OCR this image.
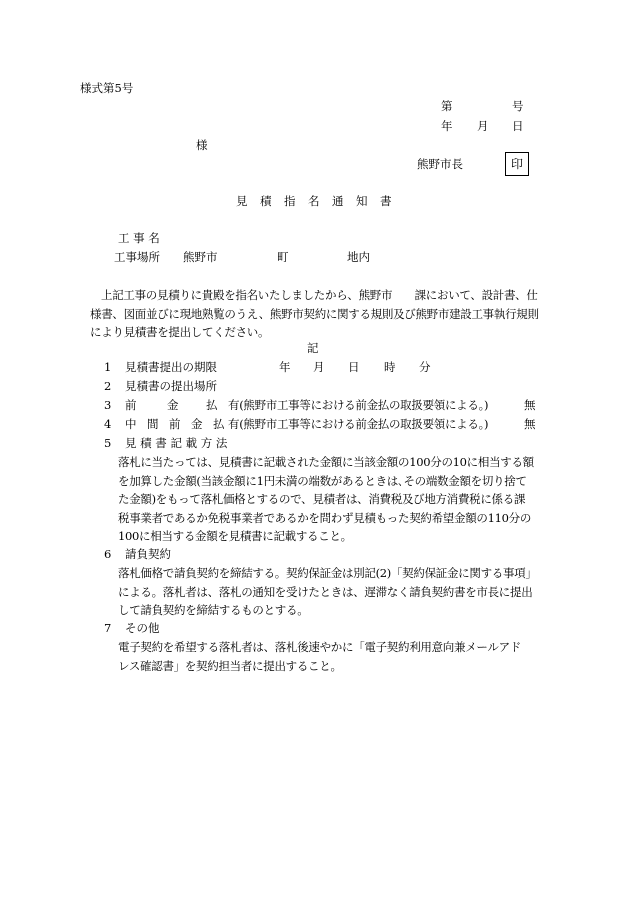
様式第5号
第	号
年 月 日
様
熊野市長	印
見 積 指 名 通 知 書
工 事 名
工事場所 熊野市	町	地内
上記工事の見積りに貴殿を指名いたしましたから、熊野市　　課において、設計書、仕
様書、図面並びに現地熟覧のうえ、熊野市契約に関する規則及び熊野市建設工事執行規則
により見積書を提出してください。
記
1 見積書提出の期限	年 月 日 時 分
2 見積書の提出場所
3 前	金 払 有(熊野市工事等における前金払の取扱要領による。)	無
4 中　間　前　金　払 有(熊野市工事等における前金払の取扱要領による。)	無
5 見 積 書 記 載 方 法
落札に当たっては、見積書に記載された金額に当該金額の100分の10に相当する額
を加算した金額(当該金額に1円未満の端数があるときは､その端数金額を切り捨て
た金額)をもって落札価格とするので、見積者は、消費税及び地方消費税に係る課
税事業者であるか免税事業者であるかを問わず見積もった契約希望金額の110分の
100に相当する金額を見積書に記載すること。
6 請負契約
落札価格で請負契約を締結する。契約保証金は別記(2)「契約保証金に関する事項」
による。落札者は、落札の通知を受けたときは、遅滞なく請負契約書を市長に提出
して請負契約を締結するものとする。
7 その他
電子契約を希望する落札者は、落札後速やかに「電子契約利用意向兼メールアド
レス確認書」を契約担当者に提出すること。
